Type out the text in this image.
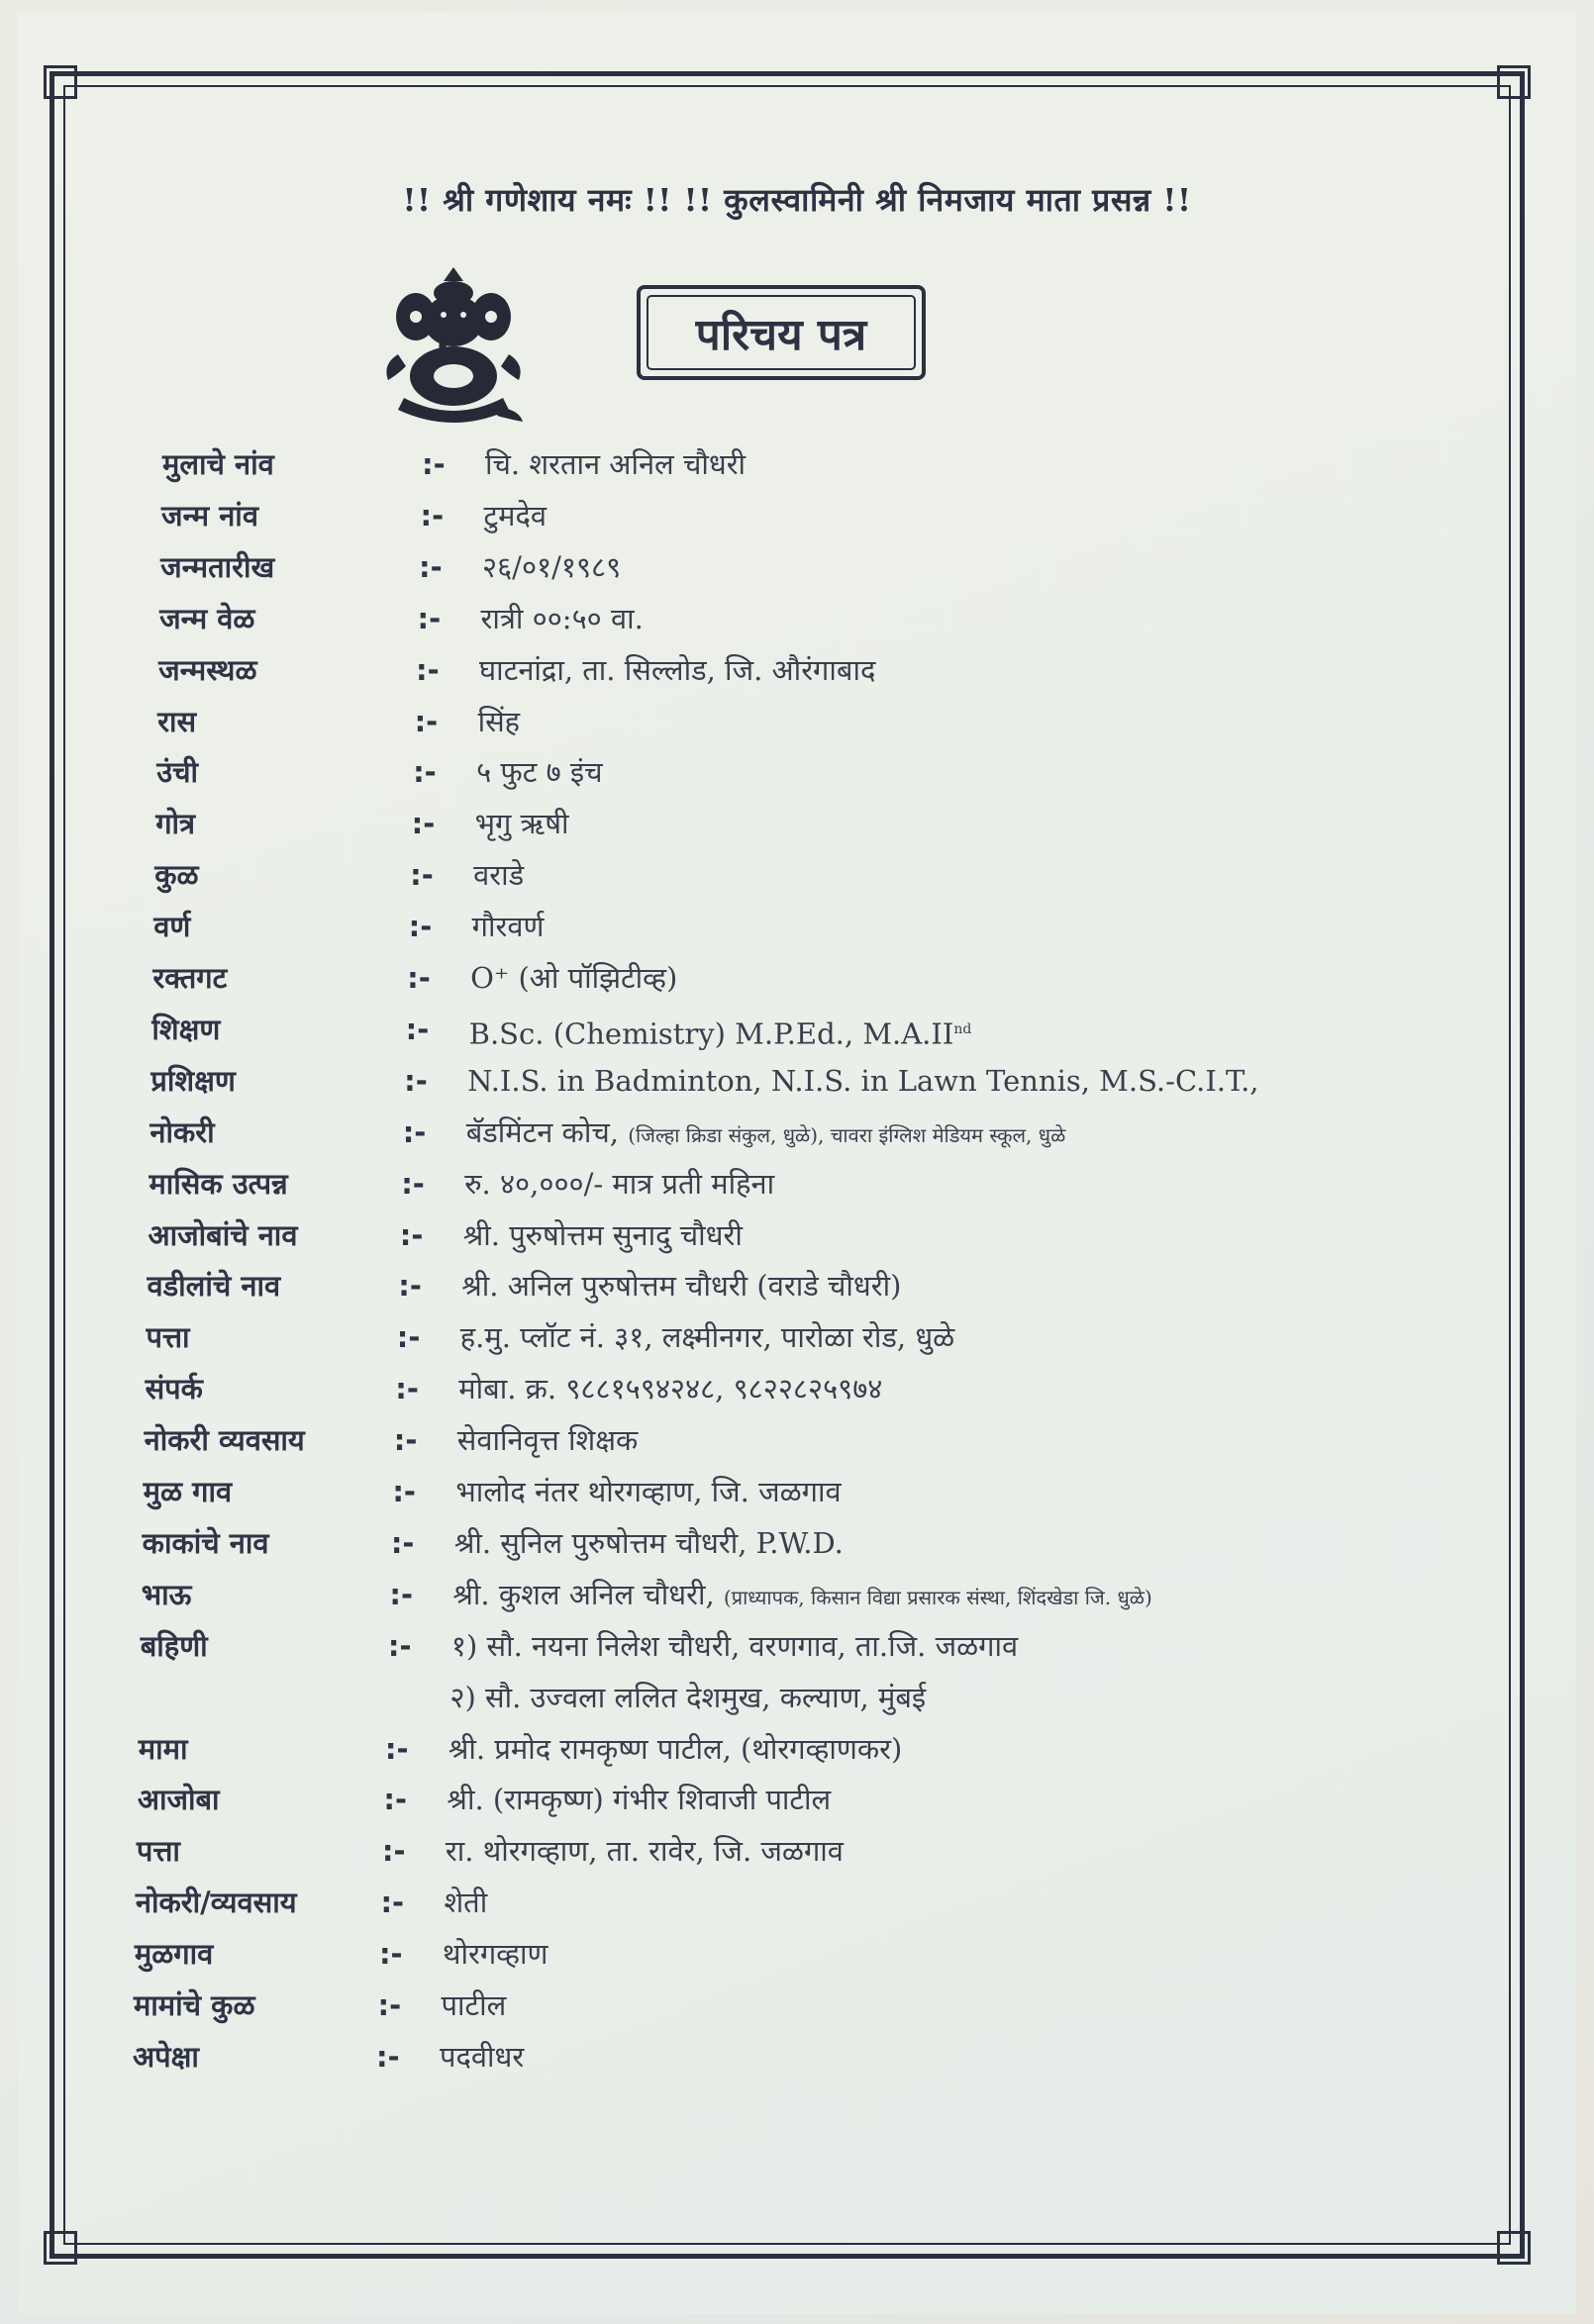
!! श्री गणेशाय नमः !! !! कुलस्वामिनी श्री निमजाय माता प्रसन्न !!
परिचय पत्र
मुलाचे नांव	:-	चि. शरतान अनिल चौधरी
जन्म नांव	:-	टुमदेव
जन्मतारीख	:-	२६/०१/१९८९
जन्म वेळ	:-	रात्री ००:५० वा.
जन्मस्थळ	:-	घाटनांद्रा, ता. सिल्लोड, जि. औरंगाबाद
रास	:-	सिंह
उंची	:-	५ फुट ७ इंच
गोत्र	:-	भृगु ऋषी
कुळ	:-	वराडे
वर्ण	:-	गौरवर्ण
रक्तगट	:-	O⁺ (ओ पॉझिटीव्ह)
शिक्षण	:-	B.Sc. (Chemistry) M.P.Ed., M.A.IInd
प्रशिक्षण	:-	N.I.S. in Badminton, N.I.S. in Lawn Tennis, M.S.-C.I.T.,
नोकरी	:-	बॅडमिंटन कोच, (जिल्हा क्रिडा संकुल, धुळे), चावरा इंग्लिश मेडियम स्कूल, धुळे
मासिक उत्पन्न	:-	रु. ४०,०००/- मात्र प्रती महिना
आजोबांचे नाव	:-	श्री. पुरुषोत्तम सुनादु चौधरी
वडीलांचे नाव	:-	श्री. अनिल पुरुषोत्तम चौधरी (वराडे चौधरी)
पत्ता	:-	ह.मु. प्लॉट नं. ३१, लक्ष्मीनगर, पारोळा रोड, धुळे
संपर्क	:-	मोबा. क्र. ९८८१५९४२४८, ९८२२८२५९७४
नोकरी व्यवसाय	:-	सेवानिवृत्त शिक्षक
मुळ गाव	:-	भालोद नंतर थोरगव्हाण, जि. जळगाव
काकांचे नाव	:-	श्री. सुनिल पुरुषोत्तम चौधरी, P.W.D.
भाऊ	:-	श्री. कुशल अनिल चौधरी, (प्राध्यापक, किसान विद्या प्रसारक संस्था, शिंदखेडा जि. धुळे)
बहिणी	:-	१) सौ. नयना निलेश चौधरी, वरणगाव, ता.जि. जळगाव
२) सौ. उज्वला ललित देशमुख, कल्याण, मुंबई
मामा	:-	श्री. प्रमोद रामकृष्ण पाटील, (थोरगव्हाणकर)
आजोबा	:-	श्री. (रामकृष्ण) गंभीर शिवाजी पाटील
पत्ता	:-	रा. थोरगव्हाण, ता. रावेर, जि. जळगाव
नोकरी/व्यवसाय	:-	शेती
मुळगाव	:-	थोरगव्हाण
मामांचे कुळ	:-	पाटील
अपेक्षा	:-	पदवीधर
